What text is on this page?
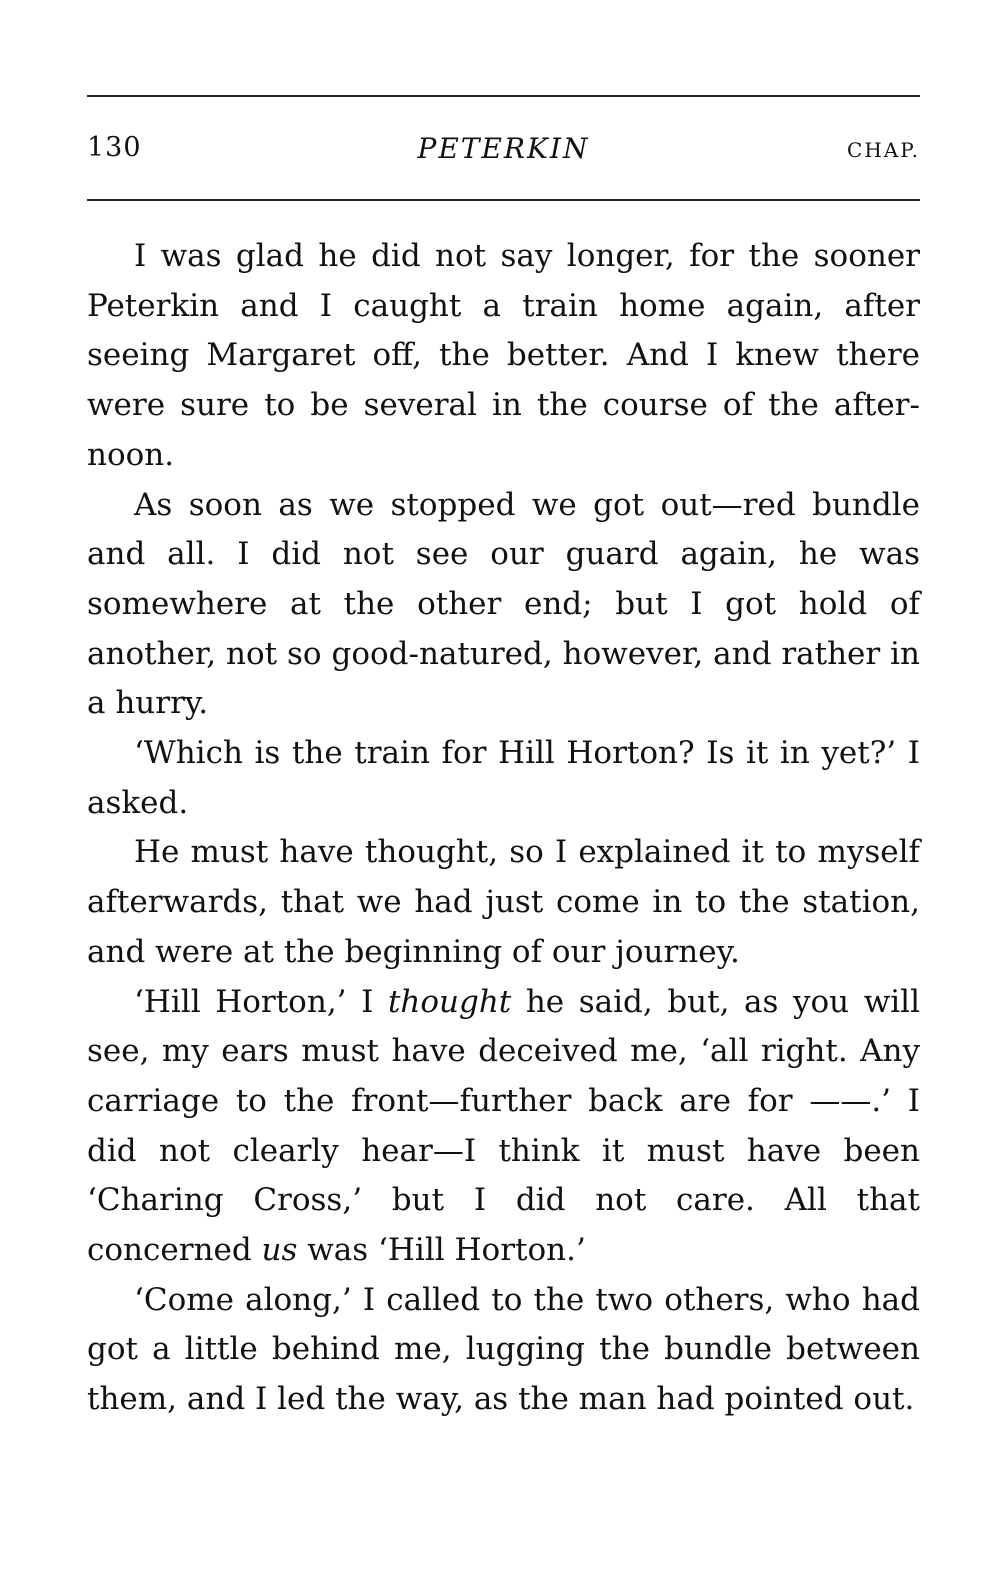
130	PETERKIN	CHAP.

I was glad he did not say longer, for the sooner Peterkin and I caught a train home again, after seeing Margaret off, the better. And I knew there were sure to be several in the course of the afternoon.

As soon as we stopped we got out—red bundle and all. I did not see our guard again, he was somewhere at the other end; but I got hold of another, not so good-natured, however, and rather in a hurry.

‘Which is the train for Hill Horton? Is it in yet?’ I asked.

He must have thought, so I explained it to myself afterwards, that we had just come in to the station, and were at the beginning of our journey.

‘Hill Horton,’ I thought he said, but, as you will see, my ears must have deceived me, ‘all right. Any carriage to the front—further back are for ——.’ I did not clearly hear—I think it must have been ‘Charing Cross,’ but I did not care. All that concerned us was ‘Hill Horton.’

‘Come along,’ I called to the two others, who had got a little behind me, lugging the bundle between them, and I led the way, as the man had pointed out.
